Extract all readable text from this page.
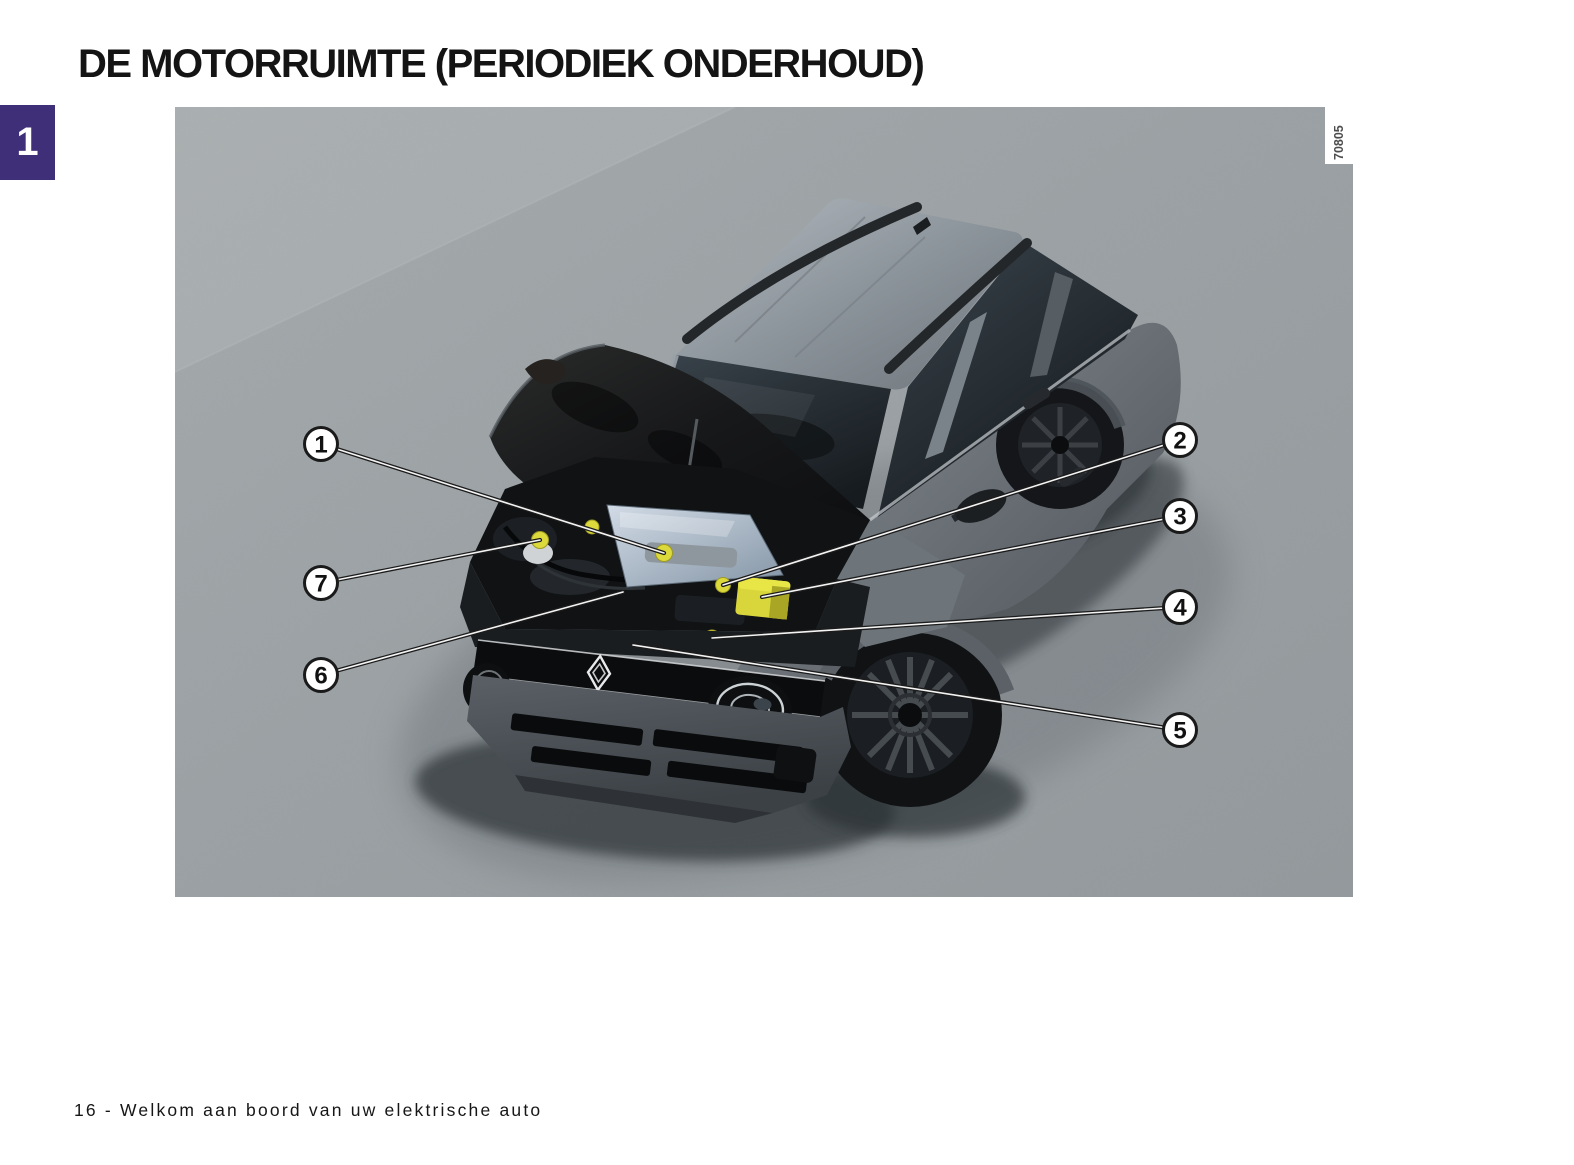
DE MOTORRUIMTE (PERIODIEK ONDERHOUD)
1	70805
1	2
3
4
5
6
7
16 - Welkom aan boord van uw elektrische auto
